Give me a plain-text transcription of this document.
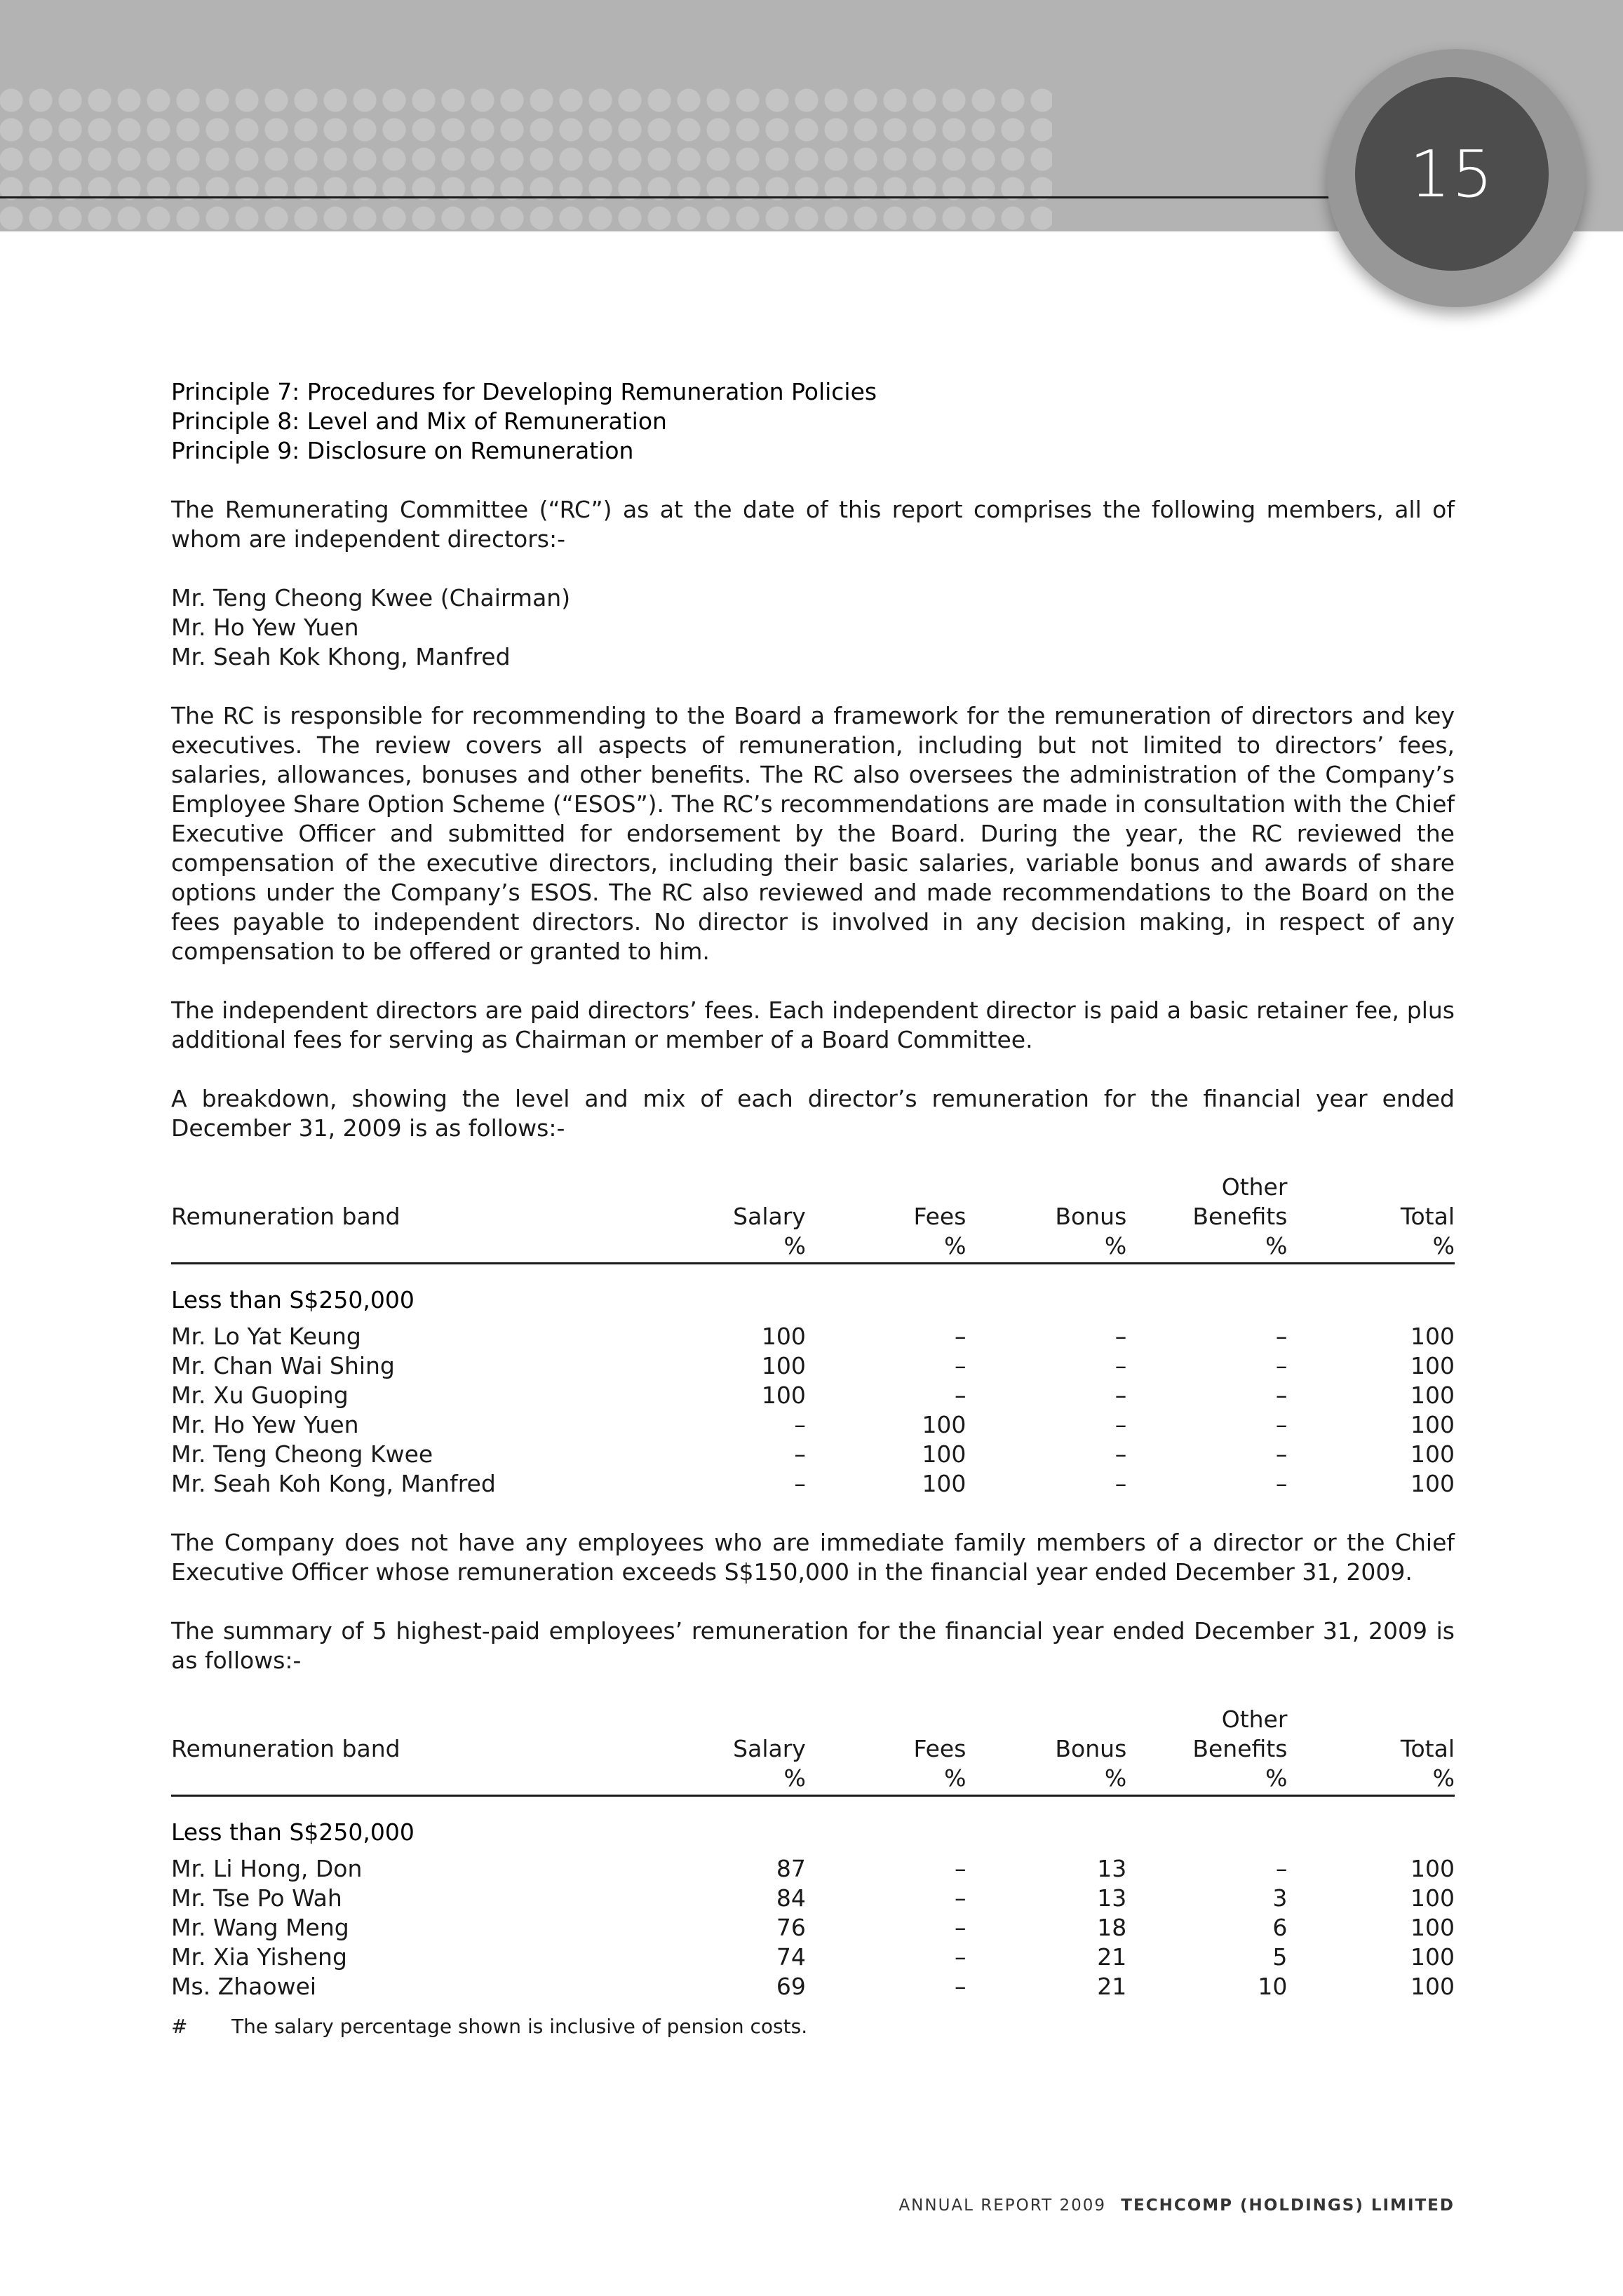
15
Principle 7: Procedures for Developing Remuneration Policies
Principle 8: Level and Mix of Remuneration
Principle 9: Disclosure on Remuneration

The Remunerating Committee (“RC”) as at the date of this report comprises the following members, all of whom are independent directors:-

Mr. Teng Cheong Kwee (Chairman)
Mr. Ho Yew Yuen
Mr. Seah Kok Khong, Manfred

The RC is responsible for recommending to the Board a framework for the remuneration of directors and key executives. The review covers all aspects of remuneration, including but not limited to directors’ fees, salaries, allowances, bonuses and other benefits. The RC also oversees the administration of the Company’s Employee Share Option Scheme (“ESOS”). The RC’s recommendations are made in consultation with the Chief Executive Officer and submitted for endorsement by the Board. During the year, the RC reviewed the compensation of the executive directors, including their basic salaries, variable bonus and awards of share options under the Company’s ESOS. The RC also reviewed and made recommendations to the Board on the fees payable to independent directors. No director is involved in any decision making, in respect of any compensation to be offered or granted to him.

The independent directors are paid directors’ fees. Each independent director is paid a basic retainer fee, plus additional fees for serving as Chairman or member of a Board Committee.

A breakdown, showing the level and mix of each director’s remuneration for the financial year ended December 31, 2009 is as follows:-

				Other	
Remuneration band	Salary	Fees	Bonus	Benefits	Total
	%	%	%	%	%
Less than S$250,000					
Mr. Lo Yat Keung	100	–	–	–	100
Mr. Chan Wai Shing	100	–	–	–	100
Mr. Xu Guoping	100	–	–	–	100
Mr. Ho Yew Yuen	–	100	–	–	100
Mr. Teng Cheong Kwee	–	100	–	–	100
Mr. Seah Koh Kong, Manfred	–	100	–	–	100

The Company does not have any employees who are immediate family members of a director or the Chief Executive Officer whose remuneration exceeds S$150,000 in the financial year ended December 31, 2009.

The summary of 5 highest-paid employees’ remuneration for the financial year ended December 31, 2009 is as follows:-

				Other	
Remuneration band	Salary	Fees	Bonus	Benefits	Total
	%	%	%	%	%
Less than S$250,000					
Mr. Li Hong, Don	87	–	13	–	100
Mr. Tse Po Wah	84	–	13	3	100
Mr. Wang Meng	76	–	18	6	100
Mr. Xia Yisheng	74	–	21	5	100
Ms. Zhaowei	69	–	21	10	100
#	The salary percentage shown is inclusive of pension costs.
ANNUAL REPORT 2009 TECHCOMP (HOLDINGS) LIMITED
